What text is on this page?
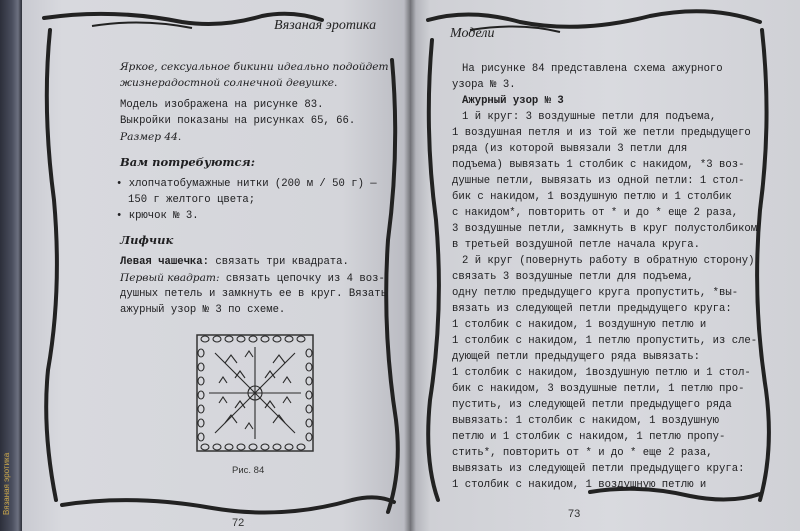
Вязаная эротика
Вязаная эротика
Яркое, сексуальное бикини идеально подойдет
жизнерадостной солнечной девушке.
Модель изображена на рисунке 83.
Выкройки показаны на рисунках 65, 66.
Размер 44.
Вам потребуются:
• хлопчатобумажные нитки (200 м / 50 г) —
150 г желтого цвета;
• крючок № 3.
Лифчик
Левая чашечка: связать три квадрата.
Первый квадрат: связать цепочку из 4 воз-
душных петель и замкнуть ее в круг. Вязать
ажурный узор № 3 по схеме.
Рис. 84
72
Модели
На рисунке 84 представлена схема ажурного
узора № 3.
Ажурный узор № 3
1 й круг: 3 воздушные петли для подъема,
1 воздушная петля и из той же петли предыдущего
ряда (из которой вывязали 3 петли для
подъема) вывязать 1 столбик с накидом, *3 воз-
душные петли, вывязать из одной петли: 1 стол-
бик с накидом, 1 воздушную петлю и 1 столбик
с накидом*, повторить от * и до * еще 2 раза,
3 воздушные петли, замкнуть в круг полустолбиком
в третьей воздушной петле начала круга.
2 й круг (повернуть работу в обратную сторону):
связать 3 воздушные петли для подъема,
одну петлю предыдущего круга пропустить, *вы-
вязать из следующей петли предыдущего круга:
1 столбик с накидом, 1 воздушную петлю и
1 столбик с накидом, 1 петлю пропустить, из сле-
дующей петли предыдущего ряда вывязать:
1 столбик с накидом, 1воздушную петлю и 1 стол-
бик с накидом, 3 воздушные петли, 1 петлю про-
пустить, из следующей петли предыдущего ряда
вывязать: 1 столбик с накидом, 1 воздушную
петлю и 1 столбик с накидом, 1 петлю пропу-
стить*, повторить от * и до * еще 2 раза,
вывязать из следующей петли предыдущего круга:
1 столбик с накидом, 1 воздушную петлю и
73
